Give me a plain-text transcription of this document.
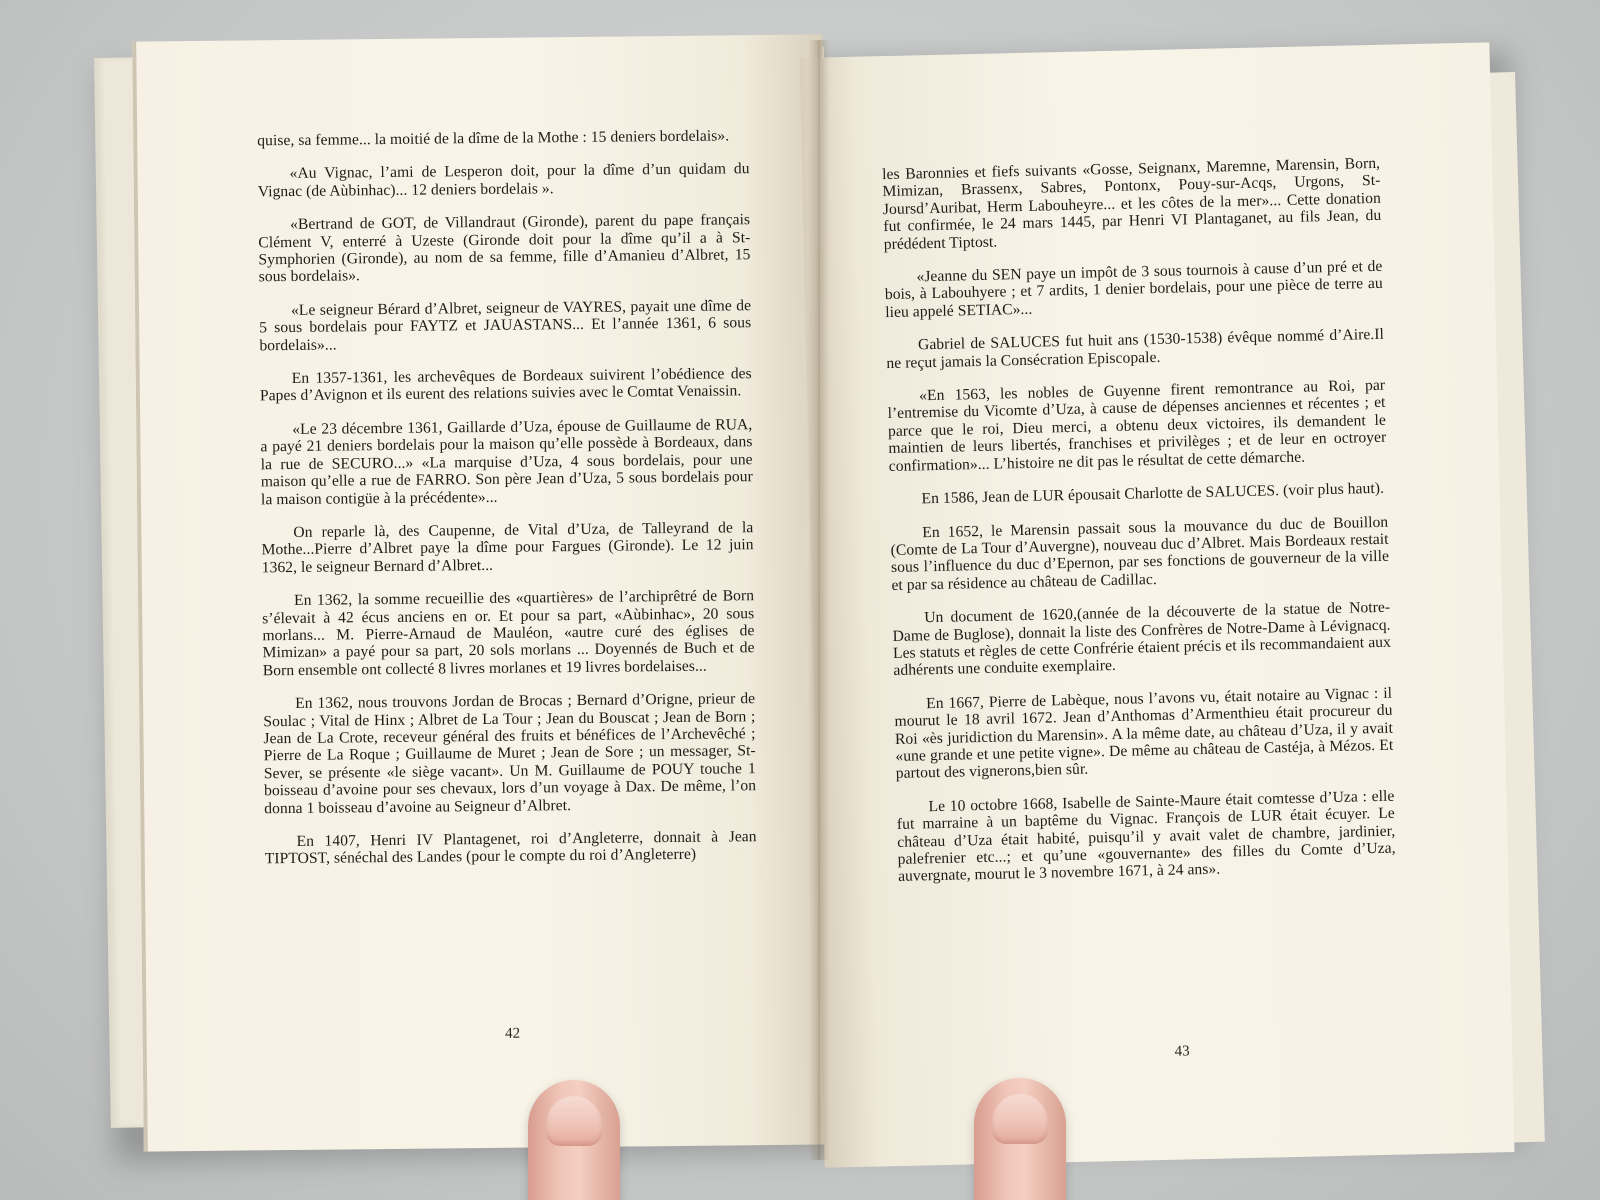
quise, sa femme... la moitié de la dîme de la Mothe : 15 deniers bordelais».

«Au Vignac, l’ami de Lesperon doit, pour la dîme d’un quidam du Vignac (de Aùbinhac)... 12 deniers bordelais ».

«Bertrand de GOT, de Villandraut (Gironde), parent du pape français Clément V, enterré à Uzeste (Gironde doit pour la dîme qu’il a à St-Symphorien (Gironde), au nom de sa femme, fille d’Amanieu d’Albret, 15 sous bordelais».

«Le seigneur Bérard d’Albret, seigneur de VAYRES, payait une dîme de 5 sous bordelais pour FAYTZ et JAUASTANS... Et l’année 1361, 6 sous bordelais»...

En 1357-1361, les archevêques de Bordeaux suivirent l’obédience des Papes d’Avignon et ils eurent des relations suivies avec le Comtat Venaissin.

«Le 23 décembre 1361, Gaillarde d’Uza, épouse de Guillaume de RUA, a payé 21 deniers bordelais pour la maison qu’elle possède à Bordeaux, dans la rue de SECURO...» «La marquise d’Uza, 4 sous bordelais, pour une maison qu’elle a rue de FARRO. Son père Jean d’Uza, 5 sous bordelais pour la maison contigüe à la précédente»...

On reparle là, des Caupenne, de Vital d’Uza, de Talleyrand de la Mothe...Pierre d’Albret paye la dîme pour Fargues (Gironde). Le 12 juin 1362, le seigneur Bernard d’Albret...

En 1362, la somme recueillie des «quartières» de l’archiprêtré de Born s’élevait à 42 écus anciens en or. Et pour sa part, «Aùbinhac», 20 sous morlans... M. Pierre-Arnaud de Mauléon, «autre curé des églises de Mimizan» a payé pour sa part, 20 sols morlans ... Doyennés de Buch et de Born ensemble ont collecté 8 livres morlanes et 19 livres bordelaises...

En 1362, nous trouvons Jordan de Brocas ; Bernard d’Origne, prieur de Soulac ; Vital de Hinx ; Albret de La Tour ; Jean du Bouscat ; Jean de Born ; Jean de La Crote, receveur général des fruits et bénéfices de l’Archevêché ; Pierre de La Roque ; Guillaume de Muret ; Jean de Sore ; un messager, St-Sever, se présente «le siège vacant». Un M. Guillaume de POUY touche 1 boisseau d’avoine pour ses chevaux, lors d’un voyage à Dax. De même, l’on donna 1 boisseau d’avoine au Seigneur d’Albret.

En 1407, Henri IV Plantagenet, roi d’Angleterre, donnait à Jean TIPTOST, sénéchal des Landes (pour le compte du roi d’Angleterre)

42

les Baronnies et fiefs suivants «Gosse, Seignanx, Maremne, Marensin, Born, Mimizan, Brassenx, Sabres, Pontonx, Pouy-sur-Acqs, Urgons, St-Joursd’Auribat, Herm Labouheyre... et les côtes de la mer»... Cette donation fut confirmée, le 24 mars 1445, par Henri VI Plantaganet, au fils Jean, du prédédent Tiptost.

«Jeanne du SEN paye un impôt de 3 sous tournois à cause d’un pré et de bois, à Labouhyere ; et 7 ardits, 1 denier bordelais, pour une pièce de terre au lieu appelé SETIAC»...

Gabriel de SALUCES fut huit ans (1530-1538) évêque nommé d’Aire.Il ne reçut jamais la Consécration Episcopale.

«En 1563, les nobles de Guyenne firent remontrance au Roi, par l’entremise du Vicomte d’Uza, à cause de dépenses anciennes et récentes ; et parce que le roi, Dieu merci, a obtenu deux victoires, ils demandent le maintien de leurs libertés, franchises et privilèges ; et de leur en octroyer confirmation»... L’histoire ne dit pas le résultat de cette démarche.

En 1586, Jean de LUR épousait Charlotte de SALUCES. (voir plus haut).

En 1652, le Marensin passait sous la mouvance du duc de Bouillon (Comte de La Tour d’Auvergne), nouveau duc d’Albret. Mais Bordeaux restait sous l’influence du duc d’Epernon, par ses fonctions de gouverneur de la ville et par sa résidence au château de Cadillac.

Un document de 1620,(année de la découverte de la statue de Notre-Dame de Buglose), donnait la liste des Confrères de Notre-Dame à Lévignacq. Les statuts et règles de cette Confrérie étaient précis et ils recommandaient aux adhérents une conduite exemplaire.

En 1667, Pierre de Labèque, nous l’avons vu, était notaire au Vignac : il mourut le 18 avril 1672. Jean d’Anthomas d’Armenthieu était procureur du Roi «ès juridiction du Marensin». A la même date, au château d’Uza, il y avait «une grande et une petite vigne». De même au château de Castéja, à Mézos. Et partout des vignerons,bien sûr.

Le 10 octobre 1668, Isabelle de Sainte-Maure était comtesse d’Uza : elle fut marraine à un baptême du Vignac. François de LUR était écuyer. Le château d’Uza était habité, puisqu’il y avait valet de chambre, jardinier, palefrenier etc...; et qu’une «gouvernante» des filles du Comte d’Uza, auvergnate, mourut le 3 novembre 1671, à 24 ans».

43
